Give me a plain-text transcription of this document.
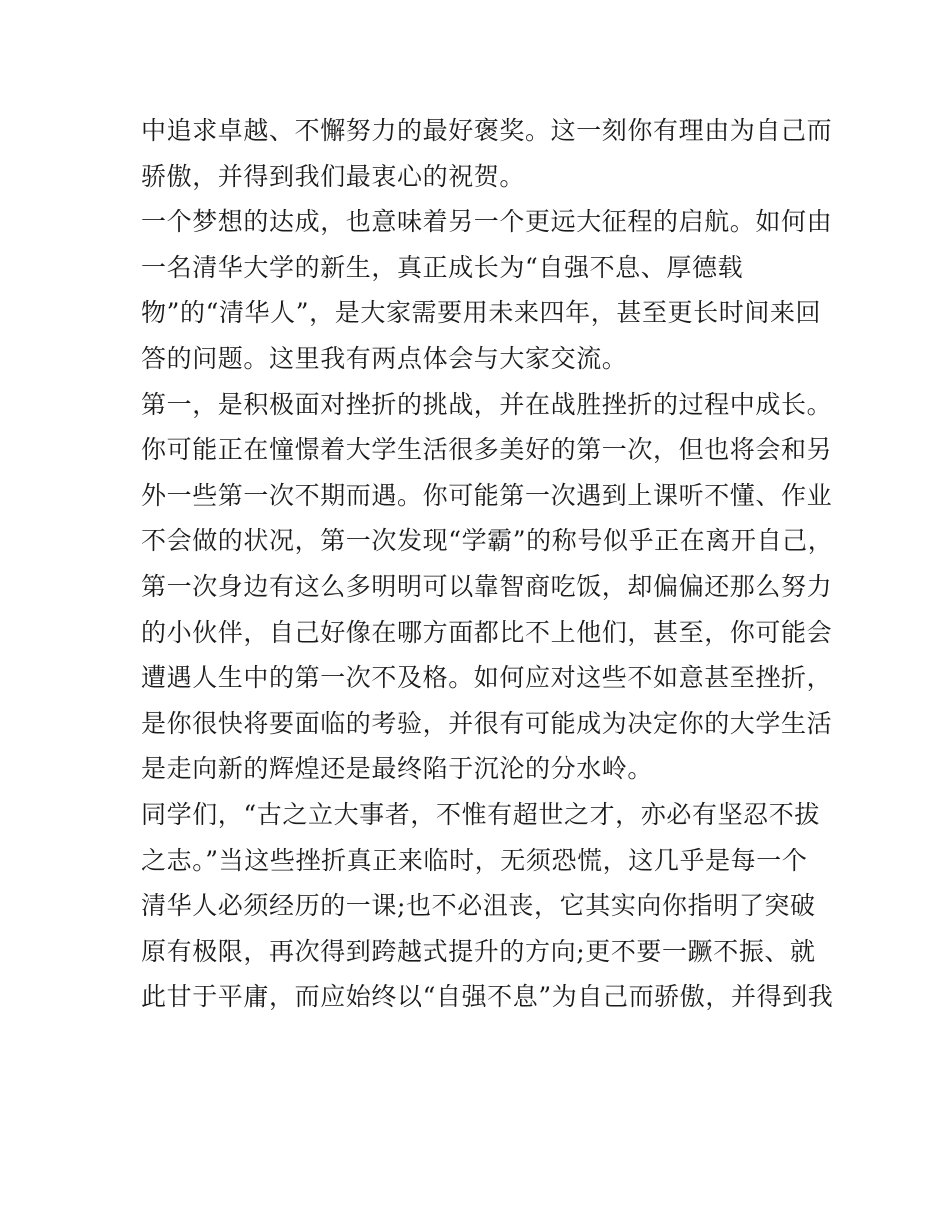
中追求卓越、不懈努力的最好褒奖。这一刻你有理由为自己而
骄傲，并得到我们最衷心的祝贺。
一个梦想的达成，也意味着另一个更远大征程的启航。如何由
一名清华大学的新生，真正成长为“自强不息、厚德载
物”的“清华人”，是大家需要用未来四年，甚至更长时间来回
答的问题。这里我有两点体会与大家交流。
第一，是积极面对挫折的挑战，并在战胜挫折的过程中成长。
你可能正在憧憬着大学生活很多美好的第一次，但也将会和另
外一些第一次不期而遇。你可能第一次遇到上课听不懂、作业
不会做的状况，第一次发现“学霸”的称号似乎正在离开自己，
第一次身边有这么多明明可以靠智商吃饭，却偏偏还那么努力
的小伙伴，自己好像在哪方面都比不上他们，甚至，你可能会
遭遇人生中的第一次不及格。如何应对这些不如意甚至挫折，
是你很快将要面临的考验，并很有可能成为决定你的大学生活
是走向新的辉煌还是最终陷于沉沦的分水岭。
同学们，“古之立大事者，不惟有超世之才，亦必有坚忍不拔
之志。”当这些挫折真正来临时，无须恐慌，这几乎是每一个
清华人必须经历的一课;也不必沮丧，它其实向你指明了突破
原有极限，再次得到跨越式提升的方向;更不要一蹶不振、就
此甘于平庸，而应始终以“自强不息”为自己而骄傲，并得到我
